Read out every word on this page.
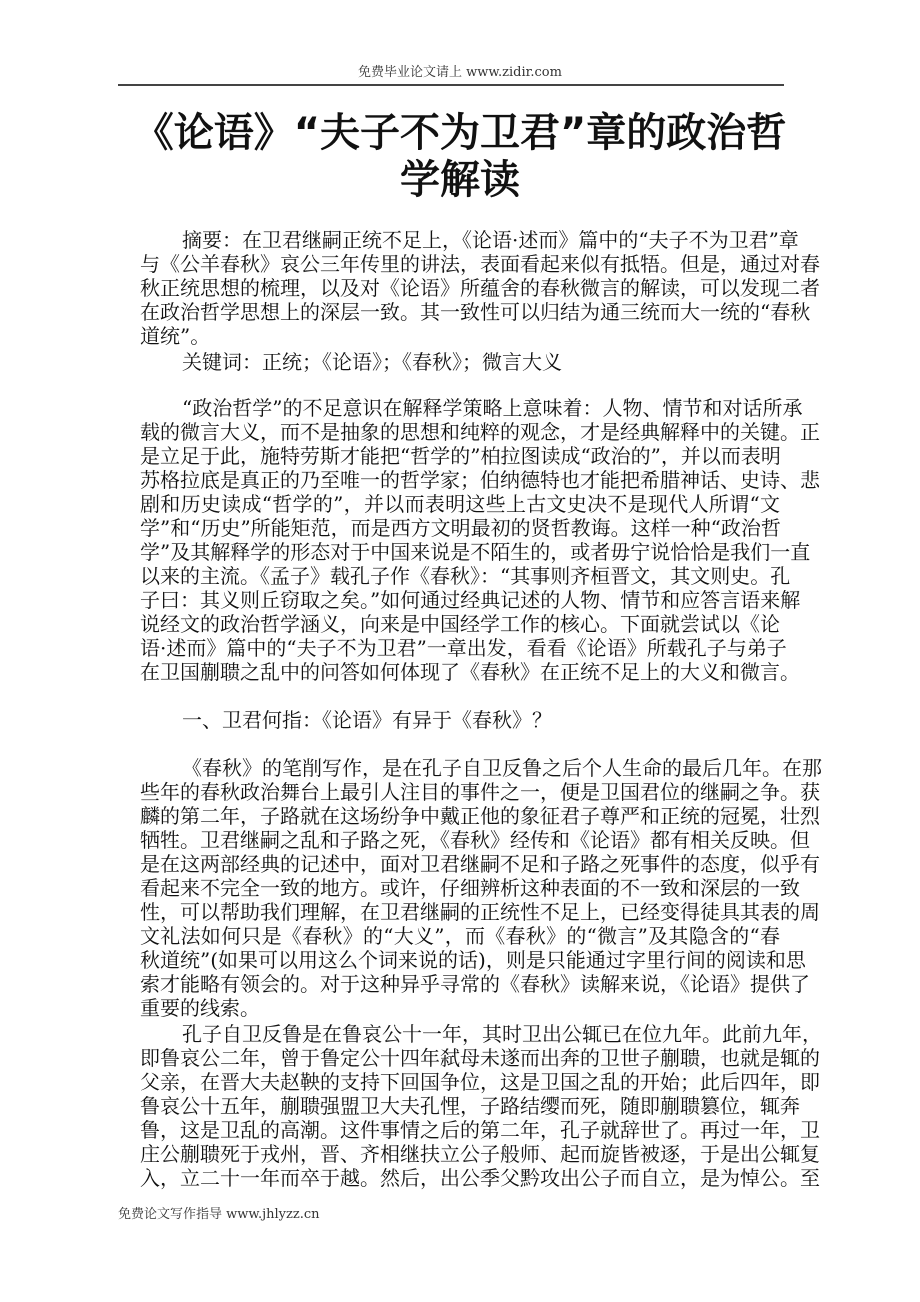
免费毕业论文请上 www.zidir.com
《论语》“夫子不为卫君”章的政治哲
学解读
摘要：在卫君继嗣正统不足上，《论语·述而》篇中的“夫子不为卫君”章
与《公羊春秋》哀公三年传里的讲法，表面看起来似有抵牾。但是，通过对春
秋正统思想的梳理，以及对《论语》所蕴舍的春秋微言的解读，可以发现二者
在政治哲学思想上的深层一致。其一致性可以归结为通三统而大一统的“春秋
道统”。
关键词：正统；《论语》；《春秋》；微言大义
“政治哲学”的不足意识在解释学策略上意味着：人物、情节和对话所承
载的微言大义，而不是抽象的思想和纯粹的观念，才是经典解释中的关键。正
是立足于此，施特劳斯才能把“哲学的”柏拉图读成“政治的”，并以而表明
苏格拉底是真正的乃至唯一的哲学家；伯纳德特也才能把希腊神话、史诗、悲
剧和历史读成“哲学的”，并以而表明这些上古文史决不是现代人所谓“文
学”和“历史”所能矩范，而是西方文明最初的贤哲教诲。这样一种“政治哲
学”及其解释学的形态对于中国来说是不陌生的，或者毋宁说恰恰是我们一直
以来的主流。《孟子》载孔子作《春秋》：“其事则齐桓晋文，其文则史。孔
子曰：其义则丘窃取之矣。”如何通过经典记述的人物、情节和应答言语来解
说经文的政治哲学涵义，向来是中国经学工作的核心。下面就尝试以《论
语·述而》篇中的“夫子不为卫君”一章出发，看看《论语》所载孔子与弟子
在卫国蒯聩之乱中的问答如何体现了《春秋》在正统不足上的大义和微言。
一、卫君何指：《论语》有异于《春秋》？
《春秋》的笔削写作，是在孔子自卫反鲁之后个人生命的最后几年。在那
些年的春秋政治舞台上最引人注目的事件之一，便是卫国君位的继嗣之争。获
麟的第二年，子路就在这场纷争中戴正他的象征君子尊严和正统的冠冕，壮烈
牺牲。卫君继嗣之乱和子路之死，《春秋》经传和《论语》都有相关反映。但
是在这两部经典的记述中，面对卫君继嗣不足和子路之死事件的态度，似乎有
看起来不完全一致的地方。或许，仔细辨析这种表面的不一致和深层的一致
性，可以帮助我们理解，在卫君继嗣的正统性不足上，已经变得徒具其表的周
文礼法如何只是《春秋》的“大义”，而《春秋》的“微言”及其隐含的“春
秋道统”(如果可以用这么个词来说的话)，则是只能通过字里行间的阅读和思
索才能略有领会的。对于这种异乎寻常的《春秋》读解来说，《论语》提供了
重要的线索。
孔子自卫反鲁是在鲁哀公十一年，其时卫出公辄已在位九年。此前九年，
即鲁哀公二年，曾于鲁定公十四年弑母未遂而出奔的卫世子蒯聩，也就是辄的
父亲，在晋大夫赵鞅的支持下回国争位，这是卫国之乱的开始；此后四年，即
鲁哀公十五年，蒯聩强盟卫大夫孔悝，子路结缨而死，随即蒯聩篡位，辄奔
鲁，这是卫乱的高潮。这件事情之后的第二年，孔子就辞世了。再过一年，卫
庄公蒯聩死于戎州，晋、齐相继扶立公子般师、起而旋皆被逐，于是出公辄复
入，立二十一年而卒于越。然后，出公季父黔攻出公子而自立，是为悼公。至
免费论文写作指导 www.jhlyzz.cn
